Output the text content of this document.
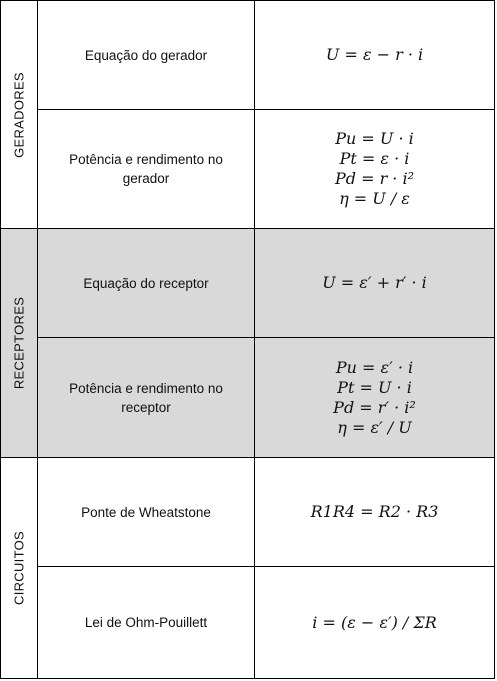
GERADORES	Equação do gerador	U = ε − r · i
	Potência e rendimento no gerador	Pu = U · i
Pt = ε · i
Pd = r · i²
η = U / ε

RECEPTORES	Equação do receptor	U = ε′ + r′ · i
	Potência e rendimento no receptor	Pu = ε′ · i
Pt = U · i
Pd = r′ · i²
η = ε′ / U

CIRCUITOS	Ponte de Wheatstone	R1R4 = R2 · R3
	Lei de Ohm-Pouillett	i = (ε − ε′) / ΣR
